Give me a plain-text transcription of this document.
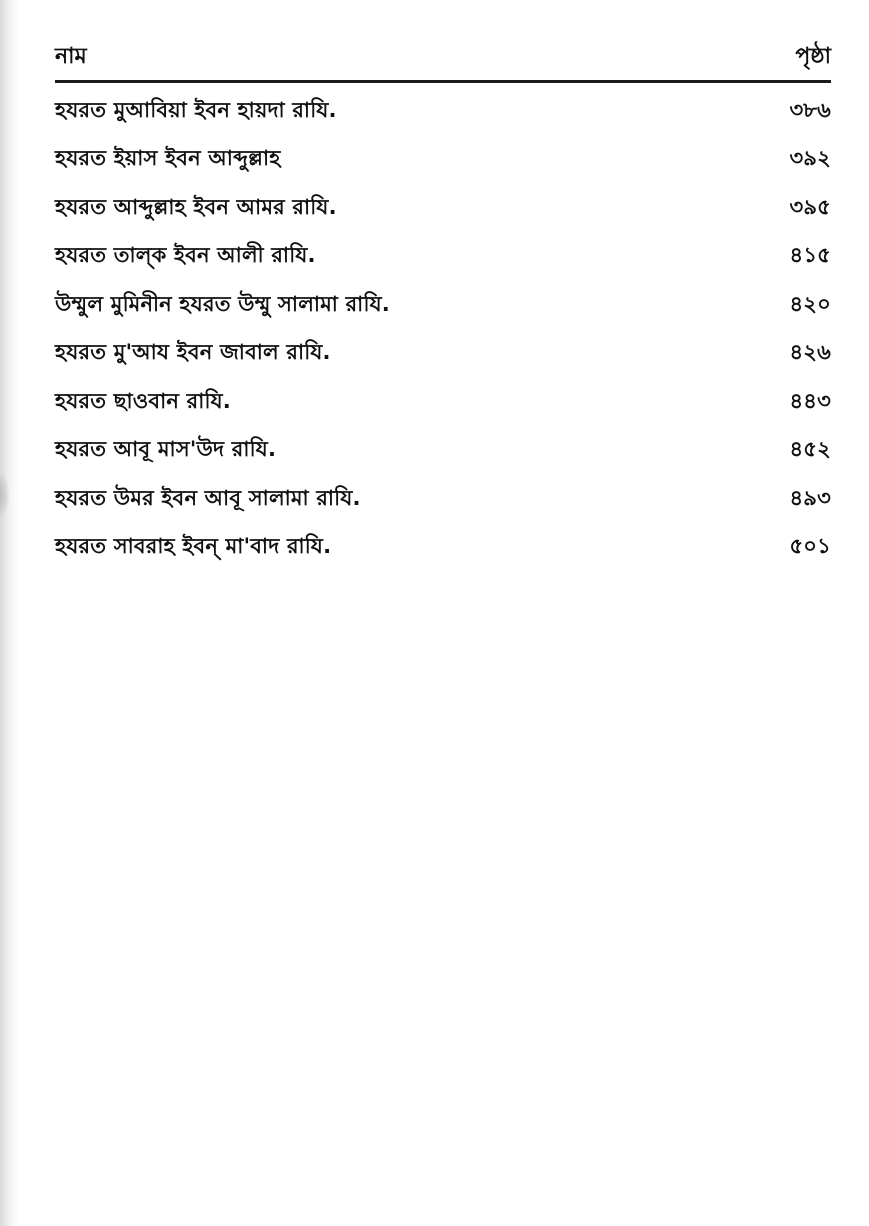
নাম	পৃষ্ঠা
হযরত মুআবিয়া ইবন হায়দা রাযি.	৩৮৬
হযরত ইয়াস ইবন আব্দুল্লাহ	৩৯২
হযরত আব্দুল্লাহ ইবন আমর রাযি.	৩৯৫
হযরত তাল্‌ক ইবন আলী রাযি.	৪১৫
উম্মুল মুমিনীন হযরত উম্মু সালামা রাযি.	৪২০
হযরত মু'আয ইবন জাবাল রাযি.	৪২৬
হযরত ছাওবান রাযি.	৪৪৩
হযরত আবূ মাস'উদ রাযি.	৪৫২
হযরত উমর ইবন আবূ সালামা রাযি.	৪৯৩
হযরত সাবরাহ ইবন্‌ মা'বাদ রাযি.	৫০১
